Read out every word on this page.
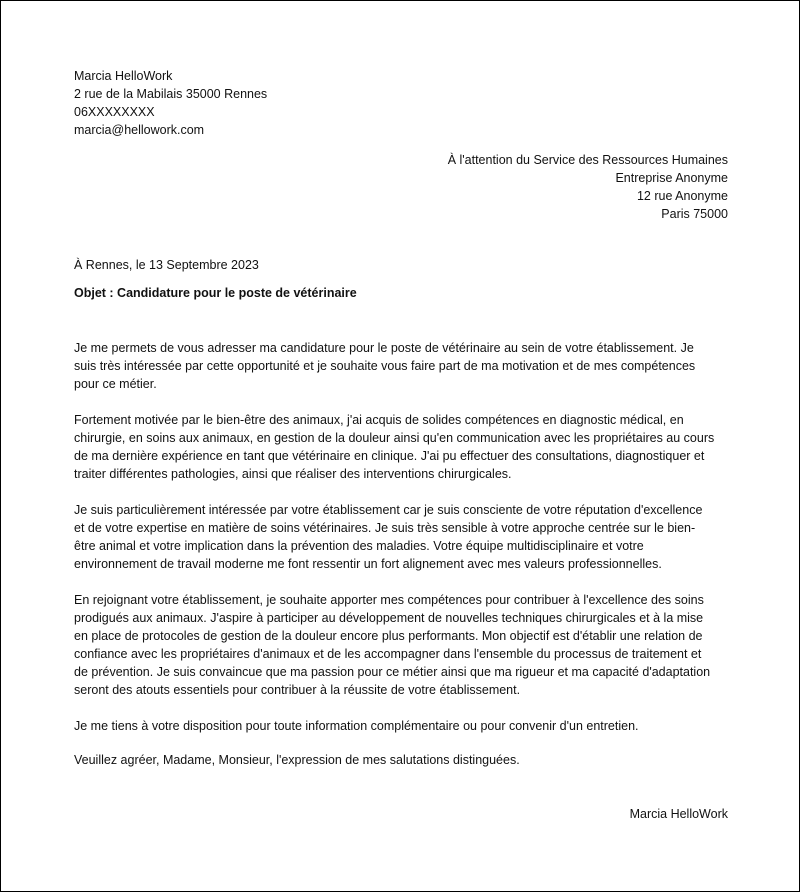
Marcia HelloWork
2 rue de la Mabilais 35000 Rennes
06XXXXXXXX
marcia@hellowork.com
À l'attention du Service des Ressources Humaines
Entreprise Anonyme
12 rue Anonyme
Paris 75000
À Rennes, le 13 Septembre 2023
Objet : Candidature pour le poste de vétérinaire
Je me permets de vous adresser ma candidature pour le poste de vétérinaire au sein de votre établissement. Je
suis très intéressée par cette opportunité et je souhaite vous faire part de ma motivation et de mes compétences
pour ce métier.
Fortement motivée par le bien-être des animaux, j'ai acquis de solides compétences en diagnostic médical, en
chirurgie, en soins aux animaux, en gestion de la douleur ainsi qu'en communication avec les propriétaires au cours
de ma dernière expérience en tant que vétérinaire en clinique. J'ai pu effectuer des consultations, diagnostiquer et
traiter différentes pathologies, ainsi que réaliser des interventions chirurgicales.
Je suis particulièrement intéressée par votre établissement car je suis consciente de votre réputation d'excellence
et de votre expertise en matière de soins vétérinaires. Je suis très sensible à votre approche centrée sur le bien-
être animal et votre implication dans la prévention des maladies. Votre équipe multidisciplinaire et votre
environnement de travail moderne me font ressentir un fort alignement avec mes valeurs professionnelles.
En rejoignant votre établissement, je souhaite apporter mes compétences pour contribuer à l'excellence des soins
prodigués aux animaux. J'aspire à participer au développement de nouvelles techniques chirurgicales et à la mise
en place de protocoles de gestion de la douleur encore plus performants. Mon objectif est d'établir une relation de
confiance avec les propriétaires d'animaux et de les accompagner dans l'ensemble du processus de traitement et
de prévention. Je suis convaincue que ma passion pour ce métier ainsi que ma rigueur et ma capacité d'adaptation
seront des atouts essentiels pour contribuer à la réussite de votre établissement.
Je me tiens à votre disposition pour toute information complémentaire ou pour convenir d'un entretien.
Veuillez agréer, Madame, Monsieur, l'expression de mes salutations distinguées.
Marcia HelloWork
